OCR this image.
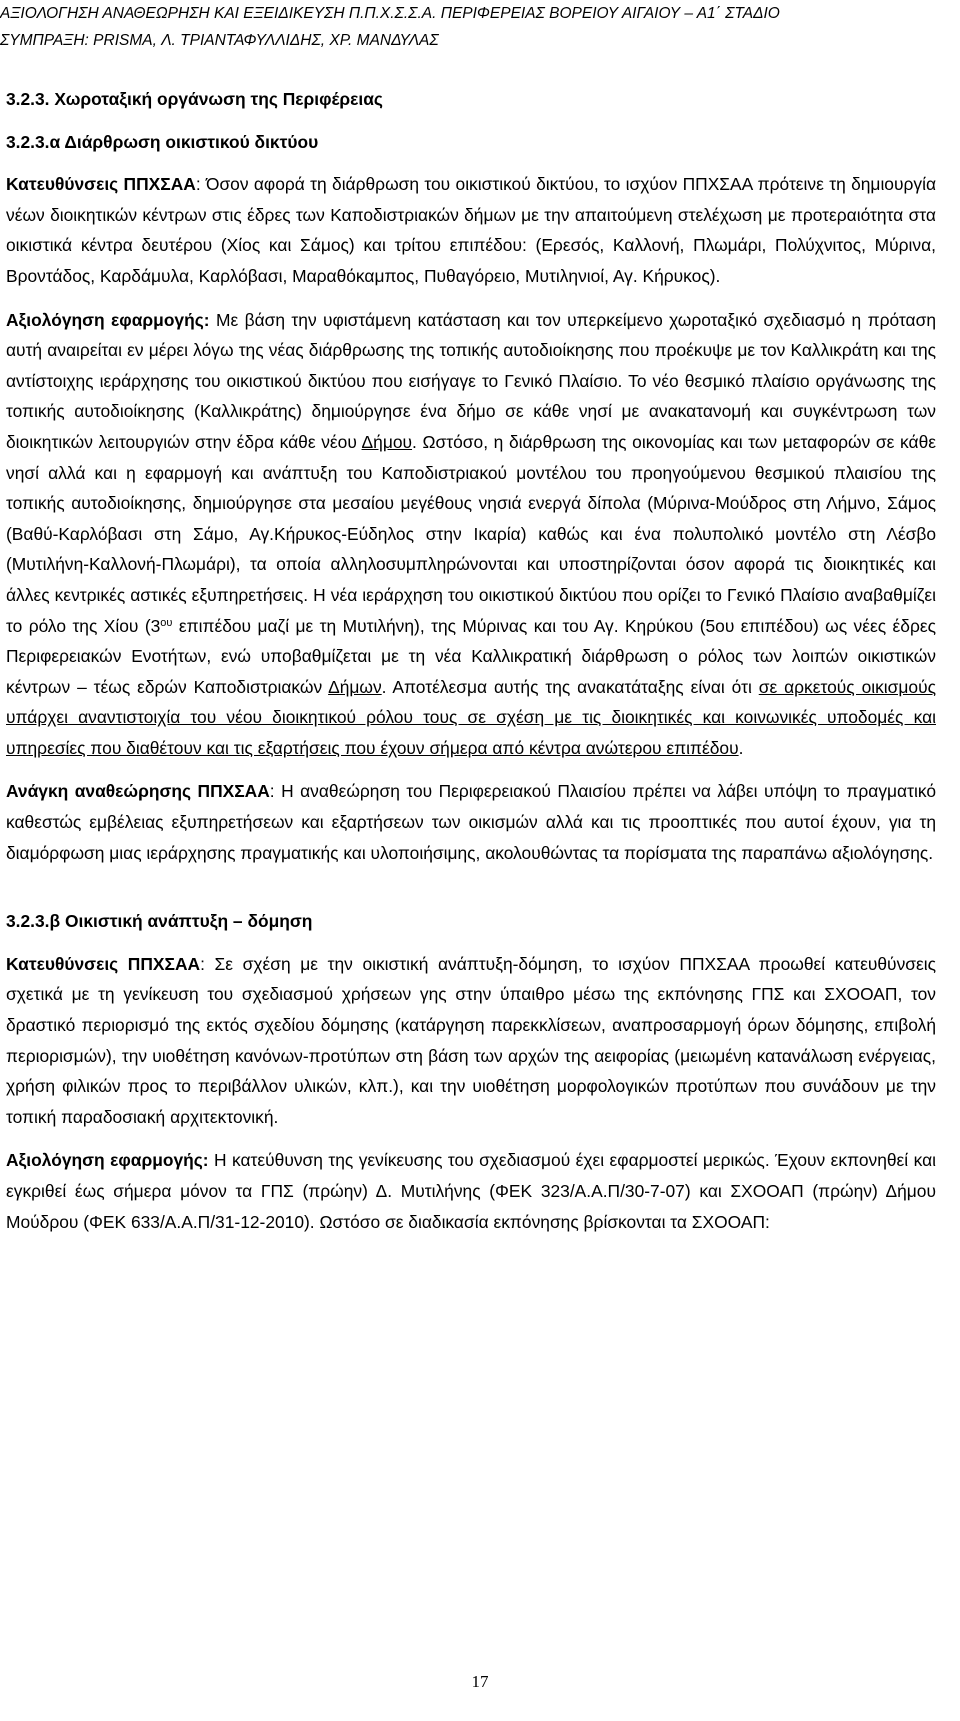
ΑΞΙΟΛΟΓΗΣΗ ΑΝΑΘΕΩΡΗΣΗ ΚΑΙ ΕΞΕΙΔΙΚΕΥΣΗ Π.Π.Χ.Σ.Σ.Α. ΠΕΡΙΦΕΡΕΙΑΣ ΒΟΡΕΙΟΥ ΑΙΓΑΙΟΥ – Α1΄ ΣΤΑΔΙΟ
ΣΥΜΠΡΑΞΗ: PRISMA, Λ. ΤΡΙΑΝΤΑΦΥΛΛΙΔΗΣ, ΧΡ. ΜΑΝΔΥΛΑΣ
3.2.3. Χωροταξική οργάνωση της Περιφέρειας
3.2.3.α Διάρθρωση οικιστικού δικτύου

Κατευθύνσεις ΠΠΧΣΑΑ: Όσον αφορά τη διάρθρωση του οικιστικού δικτύου, το ισχύον ΠΠΧΣΑΑ πρότεινε τη δημιουργία νέων διοικητικών κέντρων στις έδρες των Καποδιστριακών δήμων με την απαιτούμενη στελέχωση με προτεραιότητα στα οικιστικά κέντρα δευτέρου (Χίος και Σάμος) και τρίτου επιπέδου: (Ερεσός, Καλλονή, Πλωμάρι, Πολύχνιτος, Μύρινα, Βροντάδος, Καρδάμυλα, Καρλόβασι, Μαραθόκαμπος, Πυθαγόρειο, Μυτιληνιοί, Αγ. Κήρυκος).

Αξιολόγηση εφαρμογής: Με βάση την υφιστάμενη κατάσταση και τον υπερκείμενο χωροταξικό σχεδιασμό η πρόταση αυτή αναιρείται εν μέρει λόγω της νέας διάρθρωσης της τοπικής αυτοδιοίκησης που προέκυψε με τον Καλλικράτη και της αντίστοιχης ιεράρχησης του οικιστικού δικτύου που εισήγαγε το Γενικό Πλαίσιο. Το νέο θεσμικό πλαίσιο οργάνωσης της τοπικής αυτοδιοίκησης (Καλλικράτης) δημιούργησε ένα δήμο σε κάθε νησί με ανακατανομή και συγκέντρωση των διοικητικών λειτουργιών στην έδρα κάθε νέου Δήμου. Ωστόσο, η διάρθρωση της οικονομίας και των μεταφορών σε κάθε νησί αλλά και η εφαρμογή και ανάπτυξη του Καποδιστριακού μοντέλου του προηγούμενου θεσμικού πλαισίου της τοπικής αυτοδιοίκησης, δημιούργησε στα μεσαίου μεγέθους νησιά ενεργά δίπολα (Μύρινα-Μούδρος στη Λήμνο, Σάμος (Βαθύ-Καρλόβασι στη Σάμο, Αγ.Κήρυκος-Εύδηλος στην Ικαρία) καθώς και ένα πολυπολικό μοντέλο στη Λέσβο (Μυτιλήνη-Καλλονή-Πλωμάρι), τα οποία αλληλοσυμπληρώνονται και υποστηρίζονται όσον αφορά τις διοικητικές και άλλες κεντρικές αστικές εξυπηρετήσεις. Η νέα ιεράρχηση του οικιστικού δικτύου που ορίζει το Γενικό Πλαίσιο αναβαθμίζει το ρόλο της Χίου ($3^{o\upsilon}$ επιπέδου μαζί με τη Μυτιλήνη), της Μύρινας και του Αγ. Κηρύκου (5ου επιπέδου) ως νέες έδρες Περιφερειακών Ενοτήτων, ενώ υποβαθμίζεται με τη νέα Καλλικρατική διάρθρωση ο ρόλος των λοιπών οικιστικών κέντρων – τέως εδρών Καποδιστριακών Δήμων. Αποτέλεσμα αυτής της ανακατάταξης είναι ότι σε αρκετούς οικισμούς υπάρχει αναντιστοιχία του νέου διοικητικού ρόλου τους σε σχέση με τις διοικητικές και κοινωνικές υποδομές και υπηρεσίες που διαθέτουν και τις εξαρτήσεις που έχουν σήμερα από κέντρα ανώτερου επιπέδου.

Ανάγκη αναθεώρησης ΠΠΧΣΑΑ: Η αναθεώρηση του Περιφερειακού Πλαισίου πρέπει να λάβει υπόψη το πραγματικό καθεστώς εμβέλειας εξυπηρετήσεων και εξαρτήσεων των οικισμών αλλά και τις προοπτικές που αυτοί έχουν, για τη διαμόρφωση μιας ιεράρχησης πραγματικής και υλοποιήσιμης, ακολουθώντας τα πορίσματα της παραπάνω αξιολόγησης.

3.2.3.β Οικιστική ανάπτυξη – δόμηση

Κατευθύνσεις ΠΠΧΣΑΑ: Σε σχέση με την οικιστική ανάπτυξη-δόμηση, το ισχύον ΠΠΧΣΑΑ προωθεί κατευθύνσεις σχετικά με τη γενίκευση του σχεδιασμού χρήσεων γης στην ύπαιθρο μέσω της εκπόνησης ΓΠΣ και ΣΧΟΟΑΠ, τον δραστικό περιορισμό της εκτός σχεδίου δόμησης (κατάργηση παρεκκλίσεων, αναπροσαρμογή όρων δόμησης, επιβολή περιορισμών), την υιοθέτηση κανόνων-προτύπων στη βάση των αρχών της αειφορίας (μειωμένη κατανάλωση ενέργειας, χρήση φιλικών προς το περιβάλλον υλικών, κλπ.), και την υιοθέτηση μορφολογικών προτύπων που συνάδουν με την τοπική παραδοσιακή αρχιτεκτονική.

Αξιολόγηση εφαρμογής: Η κατεύθυνση της γενίκευσης του σχεδιασμού έχει εφαρμοστεί μερικώς. Έχουν εκπονηθεί και εγκριθεί έως σήμερα μόνον τα ΓΠΣ (πρώην) Δ. Μυτιλήνης (ΦΕΚ 323/Α.Α.Π/30-7-07) και ΣΧΟΟΑΠ (πρώην) Δήμου Μούδρου (ΦΕΚ 633/Α.Α.Π/31-12-2010). Ωστόσο σε διαδικασία εκπόνησης βρίσκονται τα ΣΧΟΟΑΠ:

17
